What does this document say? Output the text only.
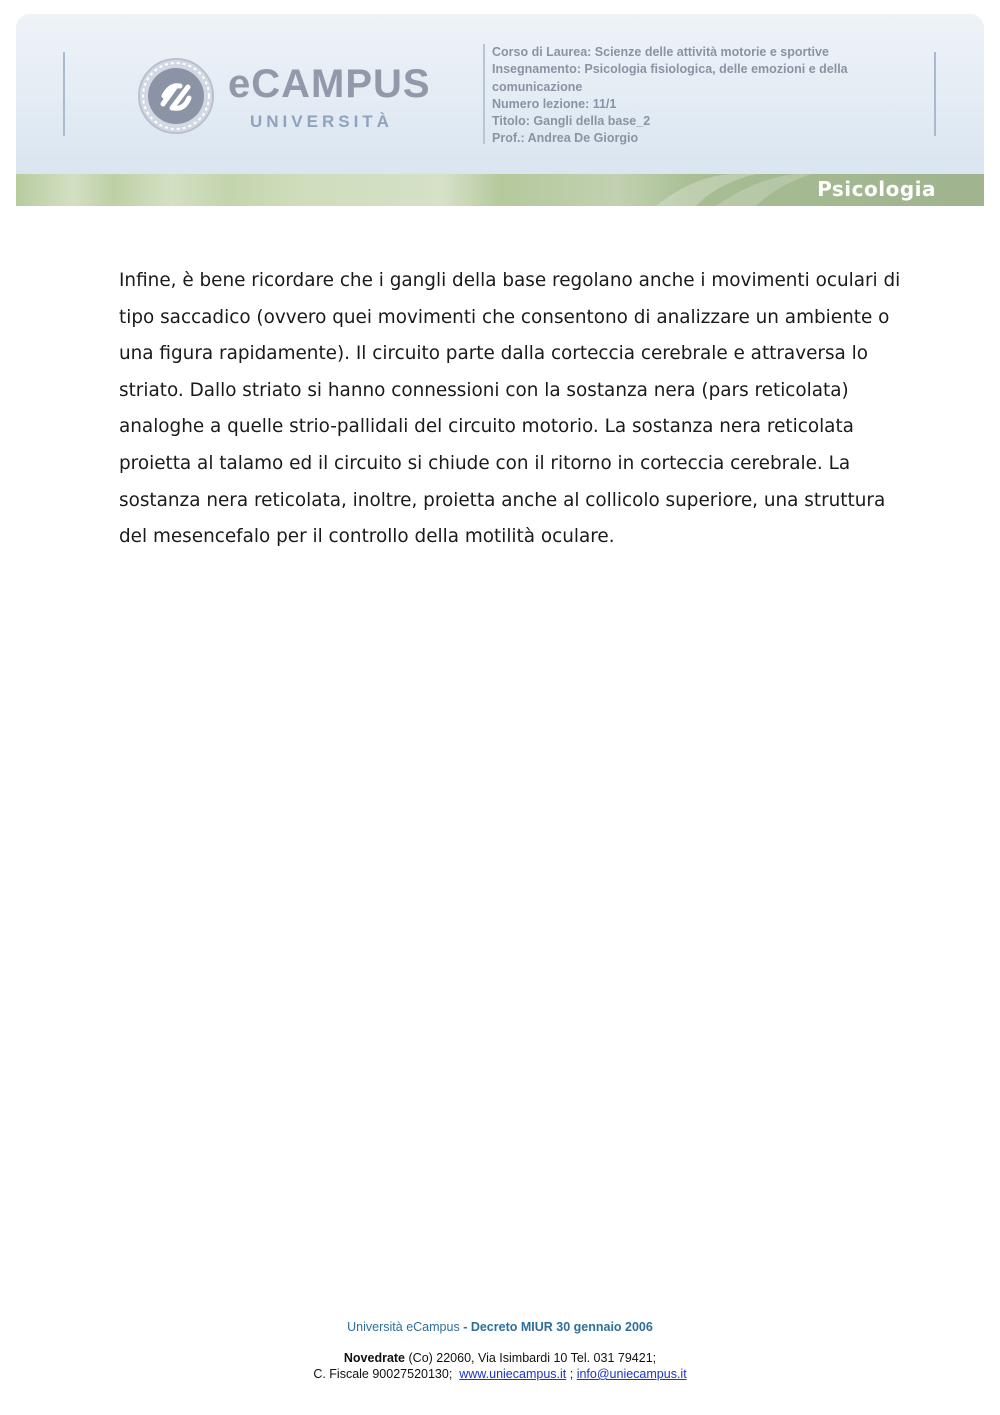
eCAMPUS
UNIVERSITÀ
Corso di Laurea: Scienze delle attività motorie e sportive
Insegnamento: Psicologia fisiologica, delle emozioni e della
comunicazione
Numero lezione: 11/1
Titolo: Gangli della base_2
Prof.: Andrea De Giorgio
Psicologia

Infine, è bene ricordare che i gangli della base regolano anche i movimenti oculari di tipo saccadico (ovvero quei movimenti che consentono di analizzare un ambiente o una figura rapidamente). Il circuito parte dalla corteccia cerebrale e attraversa lo striato. Dallo striato si hanno connessioni con la sostanza nera (pars reticolata) analoghe a quelle strio-pallidali del circuito motorio. La sostanza nera reticolata proietta al talamo ed il circuito si chiude con il ritorno in corteccia cerebrale. La sostanza nera reticolata, inoltre, proietta anche al collicolo superiore, una struttura del mesencefalo per il controllo della motilità oculare.

Università eCampus - Decreto MIUR 30 gennaio 2006
Novedrate (Co) 22060, Via Isimbardi 10 Tel. 031 79421;
C. Fiscale 90027520130; www.uniecampus.it ; info@uniecampus.it
